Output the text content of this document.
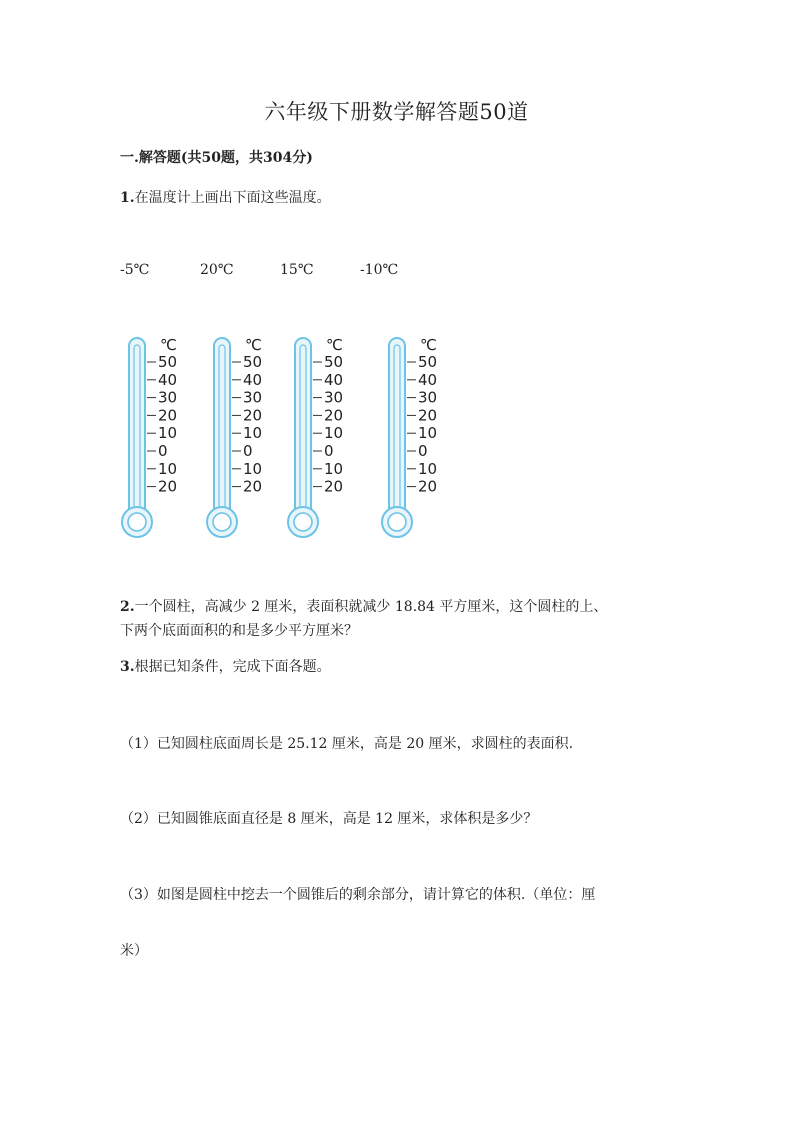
六年级下册数学解答题50道
一.解答题(共50题，共304分)
1.在温度计上画出下面这些温度。
-5℃	20℃	15℃	-10℃
℃
50
40
30
20
10
0
10
20
℃
50
40
30
20
10
0
10
20
℃
50
40
30
20
10
0
10
20
℃
50
40
30
20
10
0
10
20
2.一个圆柱，高减少 2 厘米，表面积就减少 18.84 平方厘米，这个圆柱的上、
下两个底面面积的和是多少平方厘米？
3.根据已知条件，完成下面各题。
（1）已知圆柱底面周长是 25.12 厘米，高是 20 厘米，求圆柱的表面积.
（2）已知圆锥底面直径是 8 厘米，高是 12 厘米，求体积是多少？
（3）如图是圆柱中挖去一个圆锥后的剩余部分，请计算它的体积.（单位：厘
米）
